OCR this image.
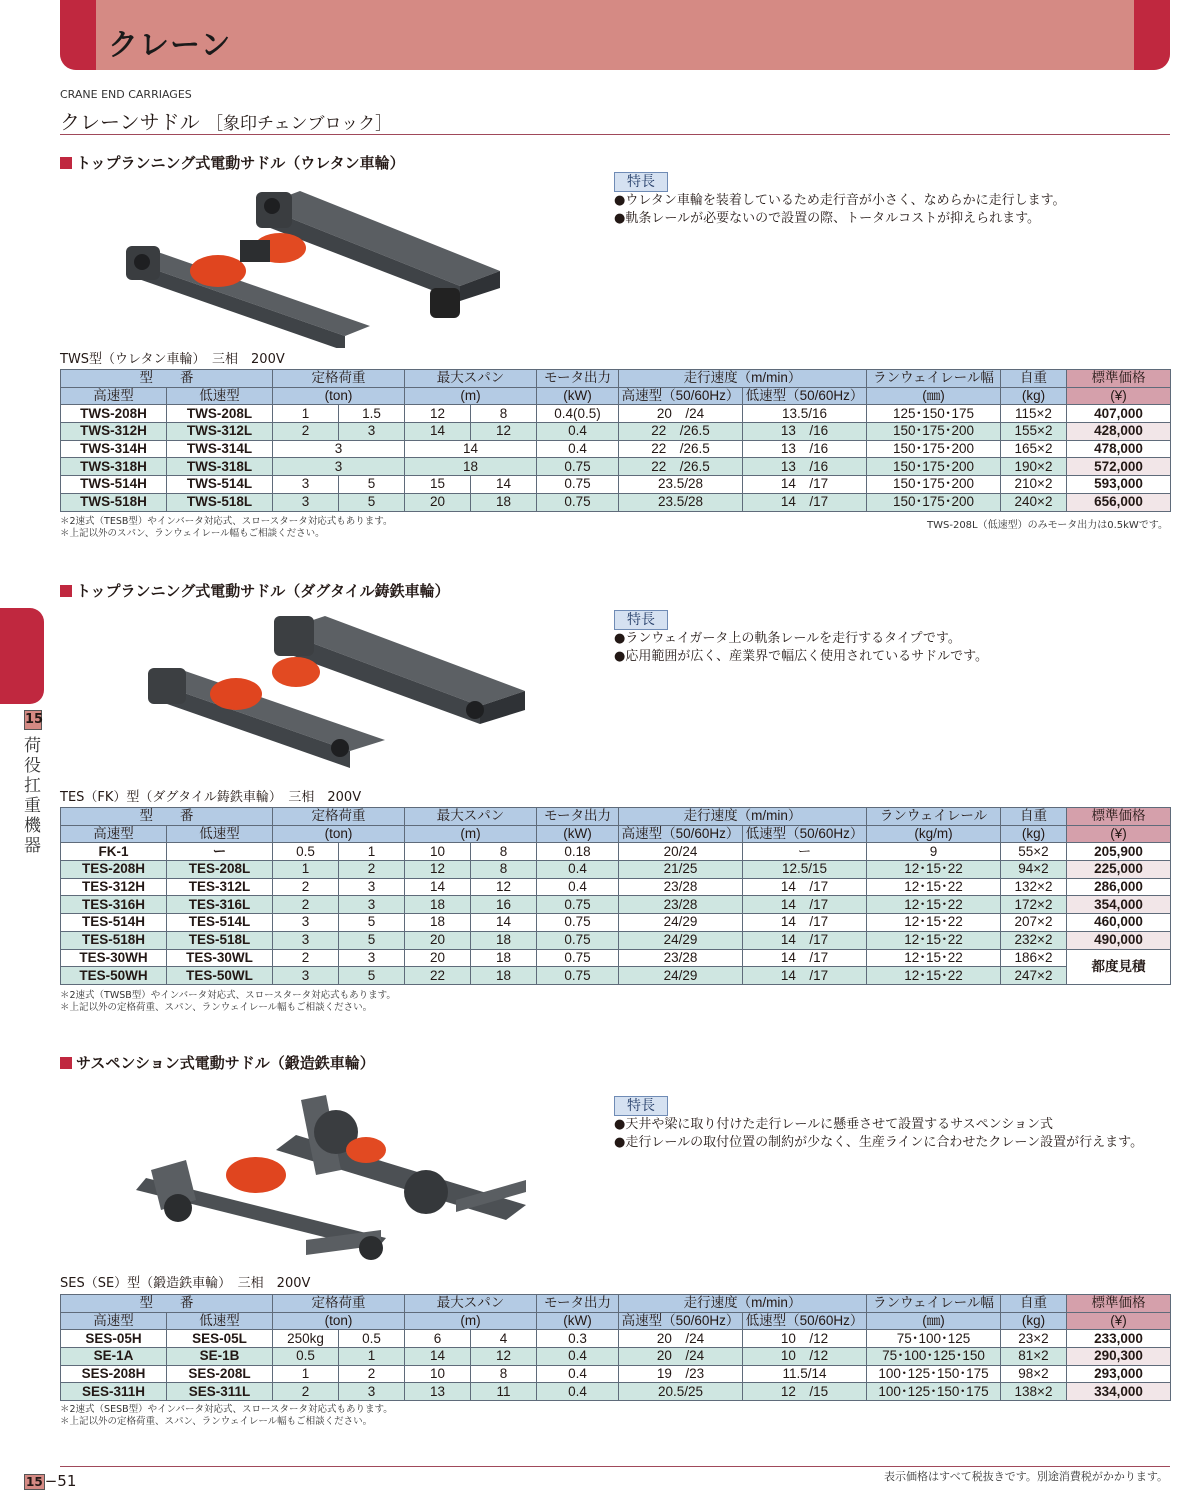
クレーン
CRANE END CARRIAGES
クレーンサドル ［象印チェンブロック］
15
荷役扛重機器
トップランニング式電動サドル（ウレタン車輪）
特長
●ウレタン車輪を装着しているため走行音が小さく、なめらかに走行します。
●軌条レールが必要ないので設置の際、トータルコストが抑えられます。
TWS型（ウレタン車輪）　三相　200V
型　　番		定格荷重		最大スパン		モータ出力	走行速度（m/min）		ランウェイレール幅	自重	標準価格
高速型	低速型	(ton)		(m)		(kW)	高速型（50/60Hz）	低速型（50/60Hz）	(㎜)	(kg)	(¥)
TWS-208H	TWS-208L	1	1.5	12	8	0.4(0.5)	20　/24	13.5/16	125･150･175	115×2	407,000
TWS-312H	TWS-312L	2	3	14	12	0.4	22　/26.5	13　/16	150･175･200	155×2	428,000
TWS-314H	TWS-314L	3		14		0.4	22　/26.5	13　/16	150･175･200	165×2	478,000
TWS-318H	TWS-318L	3		18		0.75	22　/26.5	13　/16	150･175･200	190×2	572,000
TWS-514H	TWS-514L	3	5	15	14	0.75	23.5/28	14　/17	150･175･200	210×2	593,000
TWS-518H	TWS-518L	3	5	20	18	0.75	23.5/28	14　/17	150･175･200	240×2	656,000
＊2速式（TESB型）やインバータ対応式、スロースタータ対応式もあります。
＊上記以外のスパン、ランウェイレール幅もご相談ください。
TWS-208L（低速型）のみモータ出力は0.5kWです。
トップランニング式電動サドル（ダグタイル鋳鉄車輪）
特長
●ランウェイガータ上の軌条レールを走行するタイプです。
●応用範囲が広く、産業界で幅広く使用されているサドルです。
TES（FK）型（ダグタイル鋳鉄車輪）　三相　200V
型　　番		定格荷重		最大スパン		モータ出力	走行速度（m/min）		ランウェイレール	自重	標準価格
高速型	低速型	(ton)		(m)		(kW)	高速型（50/60Hz）	低速型（50/60Hz）	(kg/m)	(kg)	(¥)
FK-1	ー	0.5	1	10	8	0.18	20/24	ー	9	55×2	205,900
TES-208H	TES-208L	1	2	12	8	0.4	21/25	12.5/15	12･15･22	94×2	225,000
TES-312H	TES-312L	2	3	14	12	0.4	23/28	14　/17	12･15･22	132×2	286,000
TES-316H	TES-316L	2	3	18	16	0.75	23/28	14　/17	12･15･22	172×2	354,000
TES-514H	TES-514L	3	5	18	14	0.75	24/29	14　/17	12･15･22	207×2	460,000
TES-518H	TES-518L	3	5	20	18	0.75	24/29	14　/17	12･15･22	232×2	490,000
TES-30WH	TES-30WL	2	3	20	18	0.75	23/28	14　/17	12･15･22	186×2	都度見積
TES-50WH	TES-50WL	3	5	22	18	0.75	24/29	14　/17	12･15･22	247×2	
＊2速式（TWSB型）やインバータ対応式、スロースタータ対応式もあります。
＊上記以外の定格荷重、スパン、ランウェイレール幅もご相談ください。
サスペンション式電動サドル（鍛造鉄車輪）
特長
●天井や梁に取り付けた走行レールに懸垂させて設置するサスペンション式
●走行レールの取付位置の制約が少なく、生産ラインに合わせたクレーン設置が行えます。
SES（SE）型（鍛造鉄車輪）　三相　200V
型　　番		定格荷重		最大スパン		モータ出力	走行速度（m/min）		ランウェイレール幅	自重	標準価格
高速型	低速型	(ton)		(m)		(kW)	高速型（50/60Hz）	低速型（50/60Hz）	(㎜)	(kg)	(¥)
SES-05H	SES-05L	250kg	0.5	6	4	0.3	20　/24	10　/12	75･100･125	23×2	233,000
SE-1A	SE-1B	0.5	1	14	12	0.4	20　/24	10　/12	75･100･125･150	81×2	290,300
SES-208H	SES-208L	1	2	10	8	0.4	19　/23	11.5/14	100･125･150･175	98×2	293,000
SES-311H	SES-311L	2	3	13	11	0.4	20.5/25	12　/15	100･125･150･175	138×2	334,000
＊2速式（SESB型）やインバータ対応式、スロースタータ対応式もあります。
＊上記以外の定格荷重、スパン、ランウェイレール幅もご相談ください。
15 −51	表示価格はすべて税抜きです。別途消費税がかかります。
